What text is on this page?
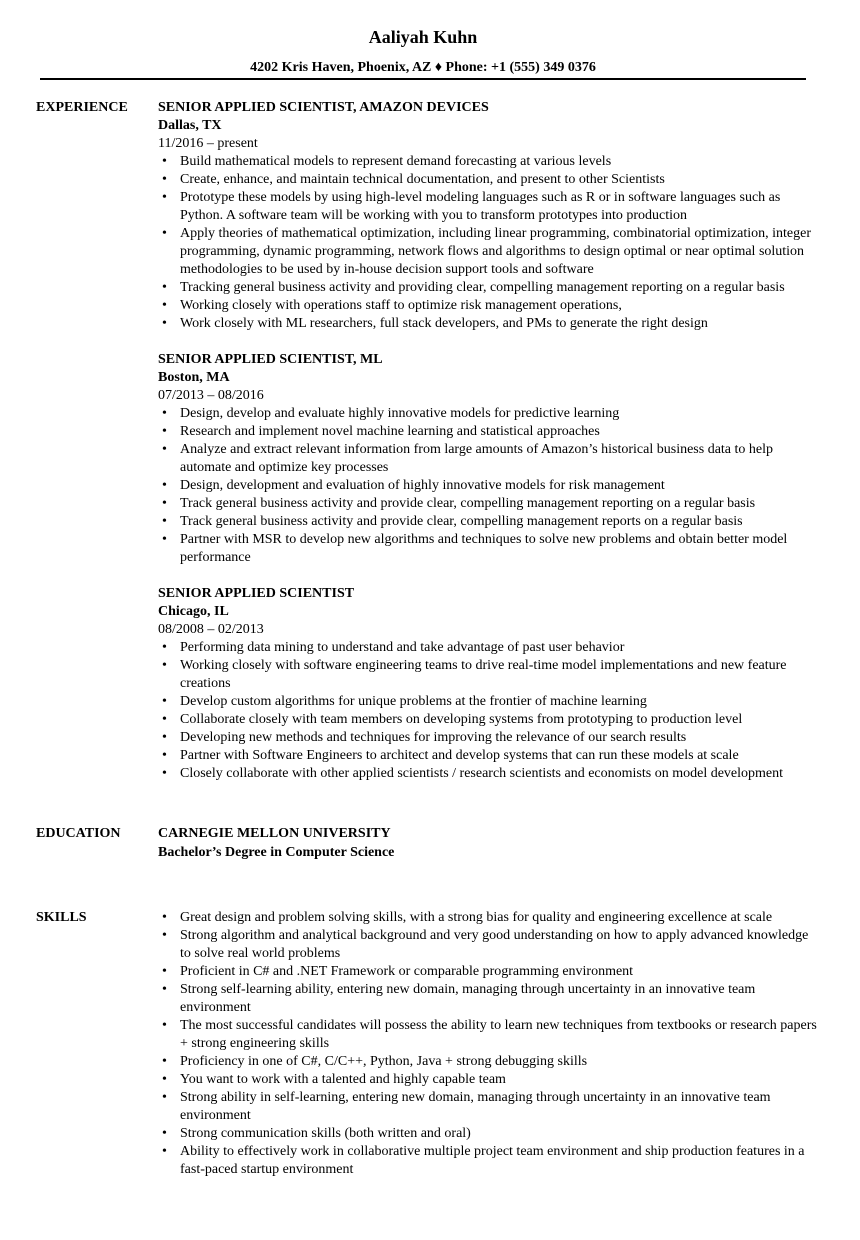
Aaliyah Kuhn
4202 Kris Haven, Phoenix, AZ ♦ Phone: +1 (555) 349 0376
EXPERIENCE SENIOR APPLIED SCIENTIST, AMAZON DEVICES
Dallas, TX
11/2016 – present
• Build mathematical models to represent demand forecasting at various levels
• Create, enhance, and maintain technical documentation, and present to other Scientists
• Prototype these models by using high-level modeling languages such as R or in software languages such as Python. A software team will be working with you to transform prototypes into production
• Apply theories of mathematical optimization, including linear programming, combinatorial optimization, integer programming, dynamic programming, network flows and algorithms to design optimal or near optimal solution methodologies to be used by in-house decision support tools and software
• Tracking general business activity and providing clear, compelling management reporting on a regular basis
• Working closely with operations staff to optimize risk management operations,
• Work closely with ML researchers, full stack developers, and PMs to generate the right design
SENIOR APPLIED SCIENTIST, ML
Boston, MA
07/2013 – 08/2016
• Design, develop and evaluate highly innovative models for predictive learning
• Research and implement novel machine learning and statistical approaches
• Analyze and extract relevant information from large amounts of Amazon’s historical business data to help automate and optimize key processes
• Design, development and evaluation of highly innovative models for risk management
• Track general business activity and provide clear, compelling management reporting on a regular basis
• Track general business activity and provide clear, compelling management reports on a regular basis
• Partner with MSR to develop new algorithms and techniques to solve new problems and obtain better model performance
SENIOR APPLIED SCIENTIST
Chicago, IL
08/2008 – 02/2013
• Performing data mining to understand and take advantage of past user behavior
• Working closely with software engineering teams to drive real-time model implementations and new feature creations
• Develop custom algorithms for unique problems at the frontier of machine learning
• Collaborate closely with team members on developing systems from prototyping to production level
• Developing new methods and techniques for improving the relevance of our search results
• Partner with Software Engineers to architect and develop systems that can run these models at scale
• Closely collaborate with other applied scientists / research scientists and economists on model development
EDUCATION	CARNEGIE MELLON UNIVERSITY
Bachelor’s Degree in Computer Science
SKILLS
•	Great design and problem solving skills, with a strong bias for quality and engineering excellence at scale
• Strong algorithm and analytical background and very good understanding on how to apply advanced knowledge to solve real world problems
• Proficient in C# and .NET Framework or comparable programming environment
• Strong self-learning ability, entering new domain, managing through uncertainty in an innovative team environment
• The most successful candidates will possess the ability to learn new techniques from textbooks or research papers + strong engineering skills
• Proficiency in one of C#, C/C++, Python, Java + strong debugging skills
• You want to work with a talented and highly capable team
• Strong ability in self-learning, entering new domain, managing through uncertainty in an innovative team environment
• Strong communication skills (both written and oral)
• Ability to effectively work in collaborative multiple project team environment and ship production features in a fast-paced startup environment
